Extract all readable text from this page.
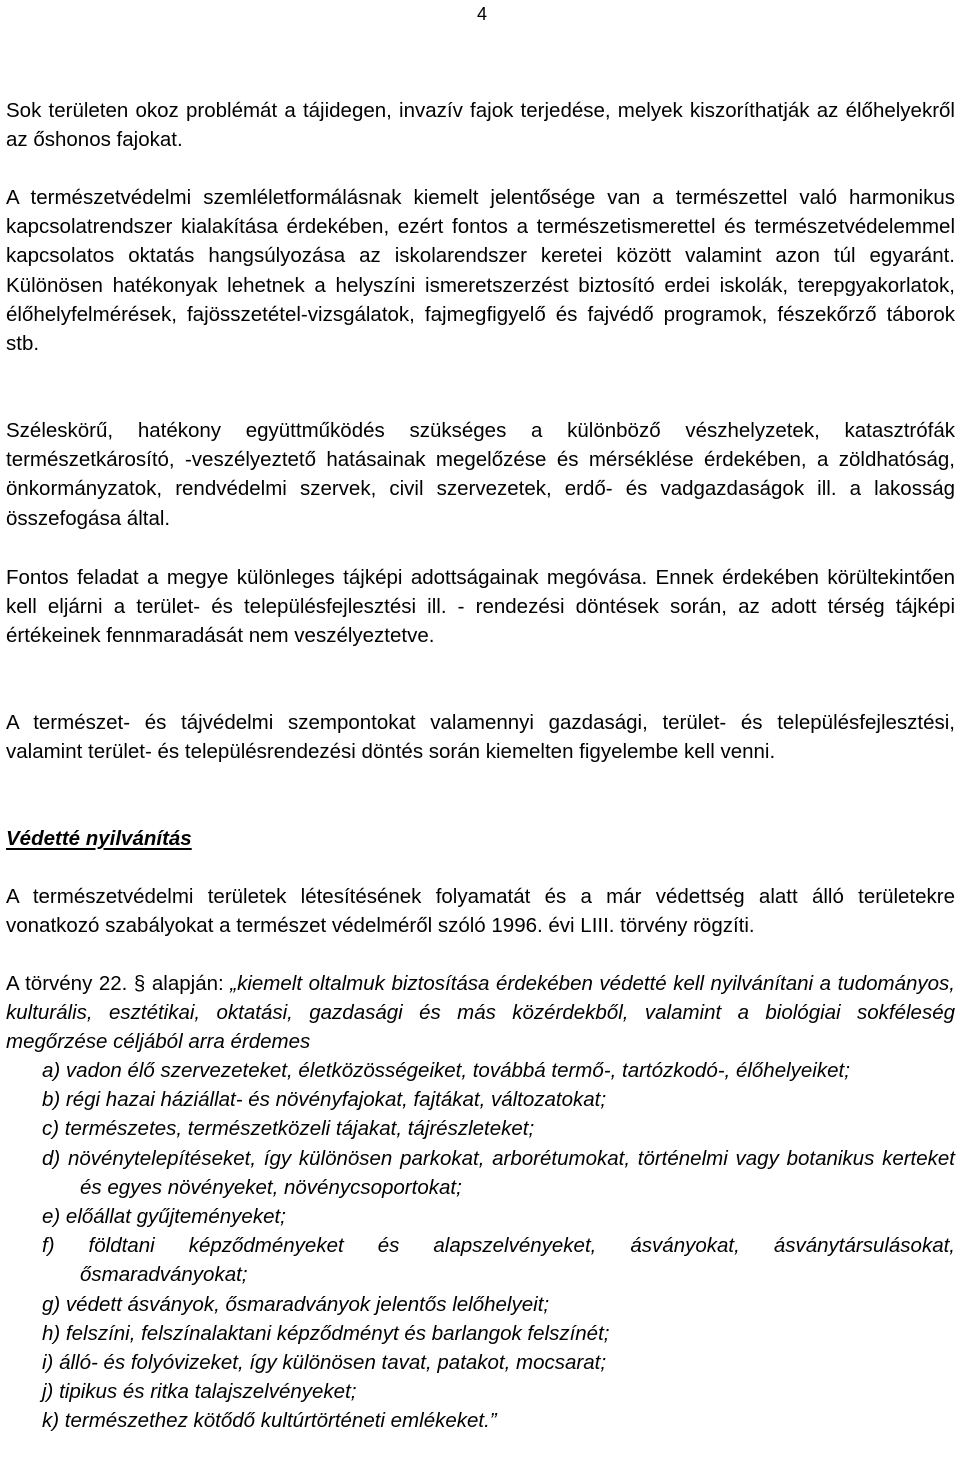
4

Sok területen okoz problémát a tájidegen, invazív fajok terjedése, melyek kiszoríthatják az élőhelyekről az őshonos fajokat.

A természetvédelmi szemléletformálásnak kiemelt jelentősége van a természettel való harmonikus kapcsolatrendszer kialakítása érdekében, ezért fontos a természetismerettel és természetvédelemmel kapcsolatos oktatás hangsúlyozása az iskolarendszer keretei között valamint azon túl egyaránt. Különösen hatékonyak lehetnek a helyszíni ismeretszerzést biztosító erdei iskolák, terepgyakorlatok, élőhelyfelmérések, fajösszetétel-vizsgálatok, fajmegfigyelő és fajvédő programok, fészekőrző táborok stb.

Széleskörű, hatékony együttműködés szükséges a különböző vészhelyzetek, katasztrófák természetkárosító, -veszélyeztető hatásainak megelőzése és mérséklése érdekében, a zöldhatóság, önkormányzatok, rendvédelmi szervek, civil szervezetek, erdő- és vadgazdaságok ill. a lakosság összefogása által.

Fontos feladat a megye különleges tájképi adottságainak megóvása. Ennek érdekében körültekintően kell eljárni a terület- és településfejlesztési ill. - rendezési döntések során, az adott térség tájképi értékeinek fennmaradását nem veszélyeztetve.

A természet- és tájvédelmi szempontokat valamennyi gazdasági, terület- és településfejlesztési, valamint terület- és településrendezési döntés során kiemelten figyelembe kell venni.

Védetté nyilvánítás

A természetvédelmi területek létesítésének folyamatát és a már védettség alatt álló területekre vonatkozó szabályokat a természet védelméről szóló 1996. évi LIII. törvény rögzíti.

A törvény 22. § alapján: „kiemelt oltalmuk biztosítása érdekében védetté kell nyilvánítani a tudományos, kulturális, esztétikai, oktatási, gazdasági és más közérdekből, valamint a biológiai sokféleség megőrzése céljából arra érdemes

a) vadon élő szervezeteket, életközösségeiket, továbbá termő-, tartózkodó-, élőhelyeiket;
b) régi hazai háziállat- és növényfajokat, fajtákat, változatokat;
c) természetes, természetközeli tájakat, tájrészleteket;
d) növénytelepítéseket, így különösen parkokat, arborétumokat, történelmi vagy botanikus kerteket és egyes növényeket, növénycsoportokat;
e) előállat gyűjteményeket;
f) földtani képződményeket és alapszelvényeket, ásványokat, ásványtársulásokat, ősmaradványokat;
g) védett ásványok, ősmaradványok jelentős lelőhelyeit;
h) felszíni, felszínalaktani képződményt és barlangok felszínét;
i) álló- és folyóvizeket, így különösen tavat, patakot, mocsarat;
j) tipikus és ritka talajszelvényeket;
k) természethez kötődő kultúrtörténeti emlékeket.”
